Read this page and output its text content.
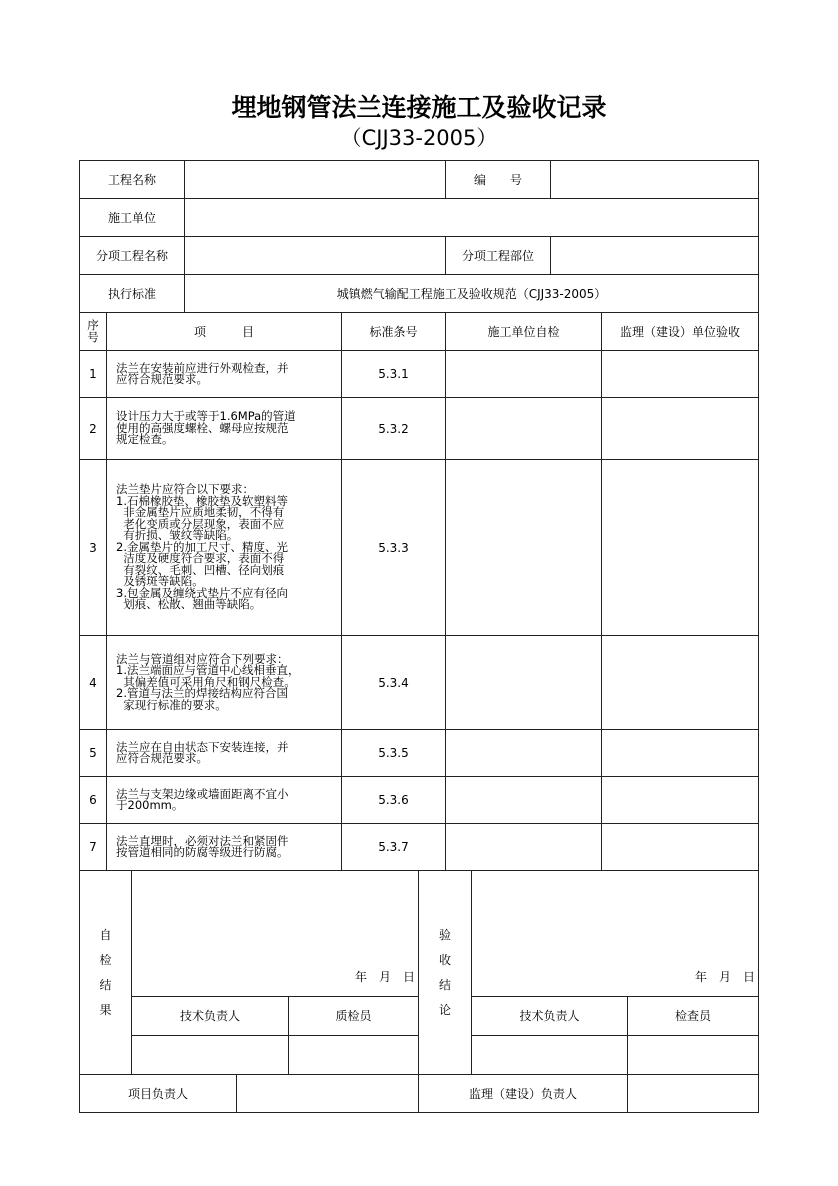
埋地钢管法兰连接施工及验收记录
（CJJ33-2005）
工程名称	编　　号
施工单位
分项工程名称	分项工程部位
执行标准	城镇燃气输配工程施工及验收规范（CJJ33-2005）
序
号	项　　　目	标准条号	施工单位自检	监理（建设）单位验收
1 法兰在安装前应进行外观检查，并
应符合规范要求。	5.3.1
2
设计压力大于或等于1.6MPa的管道
使用的高强度螺栓、螺母应按规范
规定检查。
5.3.2
3
法兰垫片应符合以下要求：
1.石棉橡胶垫、橡胶垫及软塑料等
非金属垫片应质地柔韧，不得有
老化变质或分层现象，表面不应
有折损、皱纹等缺陷。
2.金属垫片的加工尺寸、精度、光
洁度及硬度符合要求，表面不得
有裂纹、毛刺、凹槽、径向划痕
及锈斑等缺陷。
3.包金属及缠绕式垫片不应有径向
划痕、松散、翘曲等缺陷。
5.3.3
4
法兰与管道组对应符合下列要求：
1.法兰端面应与管道中心线相垂直，
其偏差值可采用角尺和钢尺检查。
2.管道与法兰的焊接结构应符合国
家现行标准的要求。
5.3.4
5 法兰应在自由状态下安装连接，并
应符合规范要求。	5.3.5
6 法兰与支架边缘或墙面距离不宜小
于200mm。	5.3.6
7 法兰直埋时，必须对法兰和紧固件
按管道相同的防腐等级进行防腐。	5.3.7
自
检
结
果
年　月　日
技术负责人	质检员
验
收
结
论
年　月　日
技术负责人	检查员
项目负责人	监理（建设）负责人
